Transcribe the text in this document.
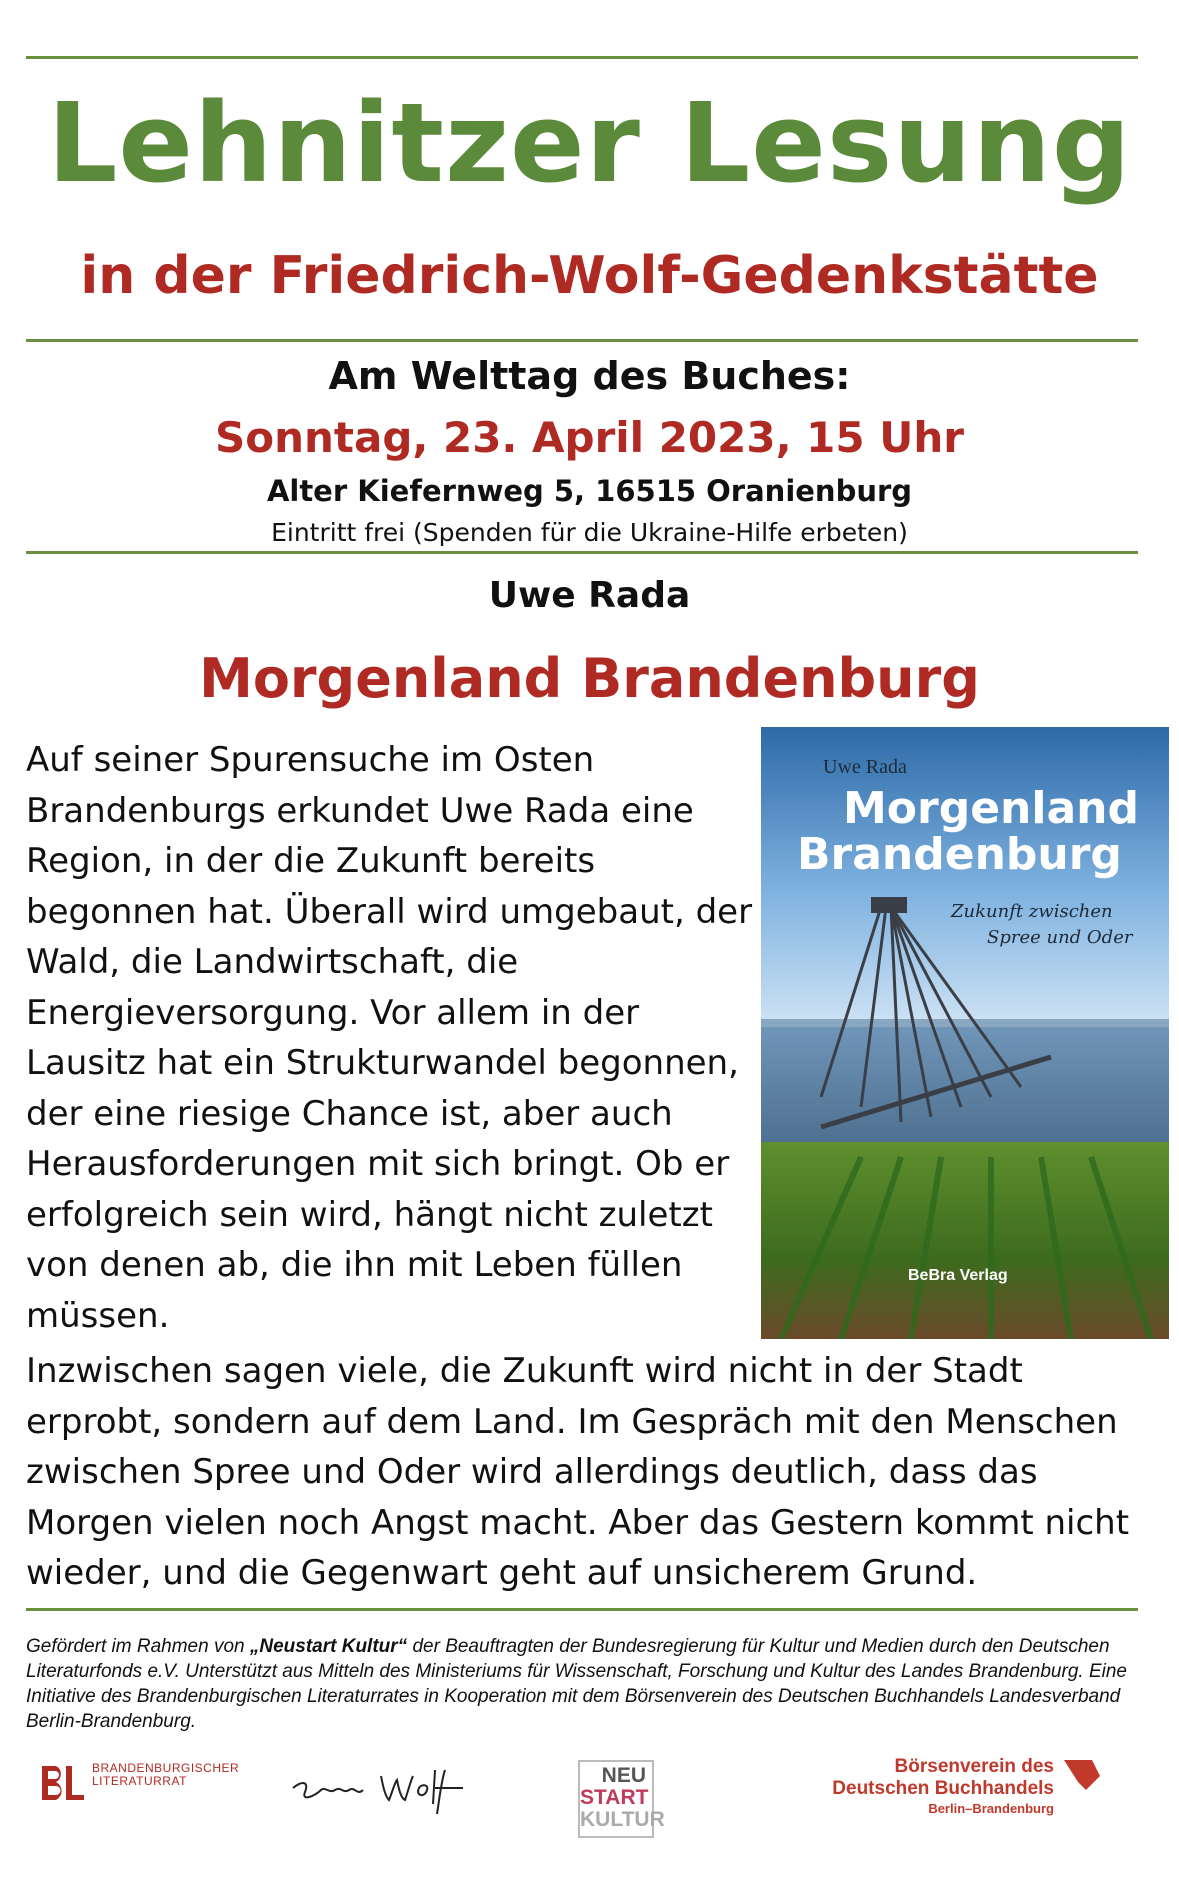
Lehnitzer Lesung
in der Friedrich-Wolf-Gedenkstätte
Am Welttag des Buches:
Sonntag, 23. April 2023, 15 Uhr
Alter Kiefernweg 5, 16515 Oranienburg
Eintritt frei (Spenden für die Ukraine-Hilfe erbeten)
Uwe Rada
Morgenland Brandenburg

Auf seiner Spurensuche im Osten Brandenburgs erkundet Uwe Rada eine Region, in der die Zukunft bereits begonnen hat. Überall wird umgebaut, der Wald, die Landwirtschaft, die Energieversorgung. Vor allem in der Lausitz hat ein Strukturwandel begonnen, der eine riesige Chance ist, aber auch Herausforderungen mit sich bringt. Ob er erfolgreich sein wird, hängt nicht zuletzt von denen ab, die ihn mit Leben füllen müssen.

Uwe Rada
Morgenland
Brandenburg
Zukunft zwischen
Spree und Oder
BeBra Verlag

Inzwischen sagen viele, die Zukunft wird nicht in der Stadt erprobt, sondern auf dem Land. Im Gespräch mit den Menschen zwischen Spree und Oder wird allerdings deutlich, dass das Morgen vielen noch Angst macht. Aber das Gestern kommt nicht wieder, und die Gegenwart geht auf unsicherem Grund.

Gefördert im Rahmen von „Neustart Kultur“ der Beauftragten der Bundesregierung für Kultur und Medien durch den Deutschen Literaturfonds e.V. Unterstützt aus Mitteln des Ministeriums für Wissenschaft, Forschung und Kultur des Landes Brandenburg. Eine Initiative des Brandenburgischen Literaturrates in Kooperation mit dem Börsenverein des Deutschen Buchhandels Landesverband Berlin-Brandenburg.

BRANDENBURGISCHER
LITERATURRAT	NEU
START
KULTUR
Börsenverein des
Deutschen Buchhandels
Berlin–Brandenburg
